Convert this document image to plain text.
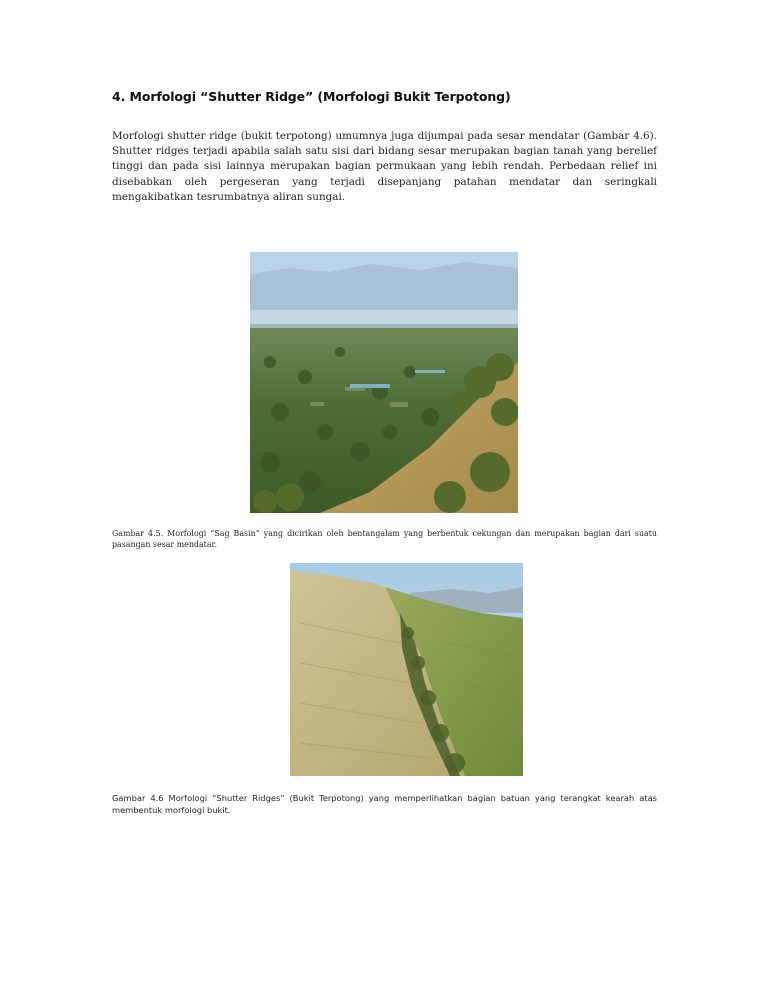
4. Morfologi “Shutter Ridge” (Morfologi Bukit Terpotong)
Morfologi shutter ridge (bukit terpotong) umumnya juga dijumpai pada sesar mendatar (Gambar 4.6). Shutter ridges terjadi apabila salah satu sisi dari bidang sesar merupakan bagian tanah yang berelief tinggi dan pada sisi lainnya merupakan bagian permukaan yang lebih rendah. Perbedaan relief ini disebabkan oleh pergeseran yang terjadi disepanjang patahan mendatar dan seringkali mengakibatkan tesrumbatnya aliran sungai.
Gambar 4.5. Morfologi “Sag Basin” yang dicirikan oleh bentangalam yang berbentuk cekungan dan merupakan bagian dari suatu pasangan sesar mendatar.
Gambar 4.6 Morfologi “Shutter Ridges” (Bukit Terpotong) yang memperlihatkan bagian batuan yang terangkat kearah atas membentuk morfologi bukit.
